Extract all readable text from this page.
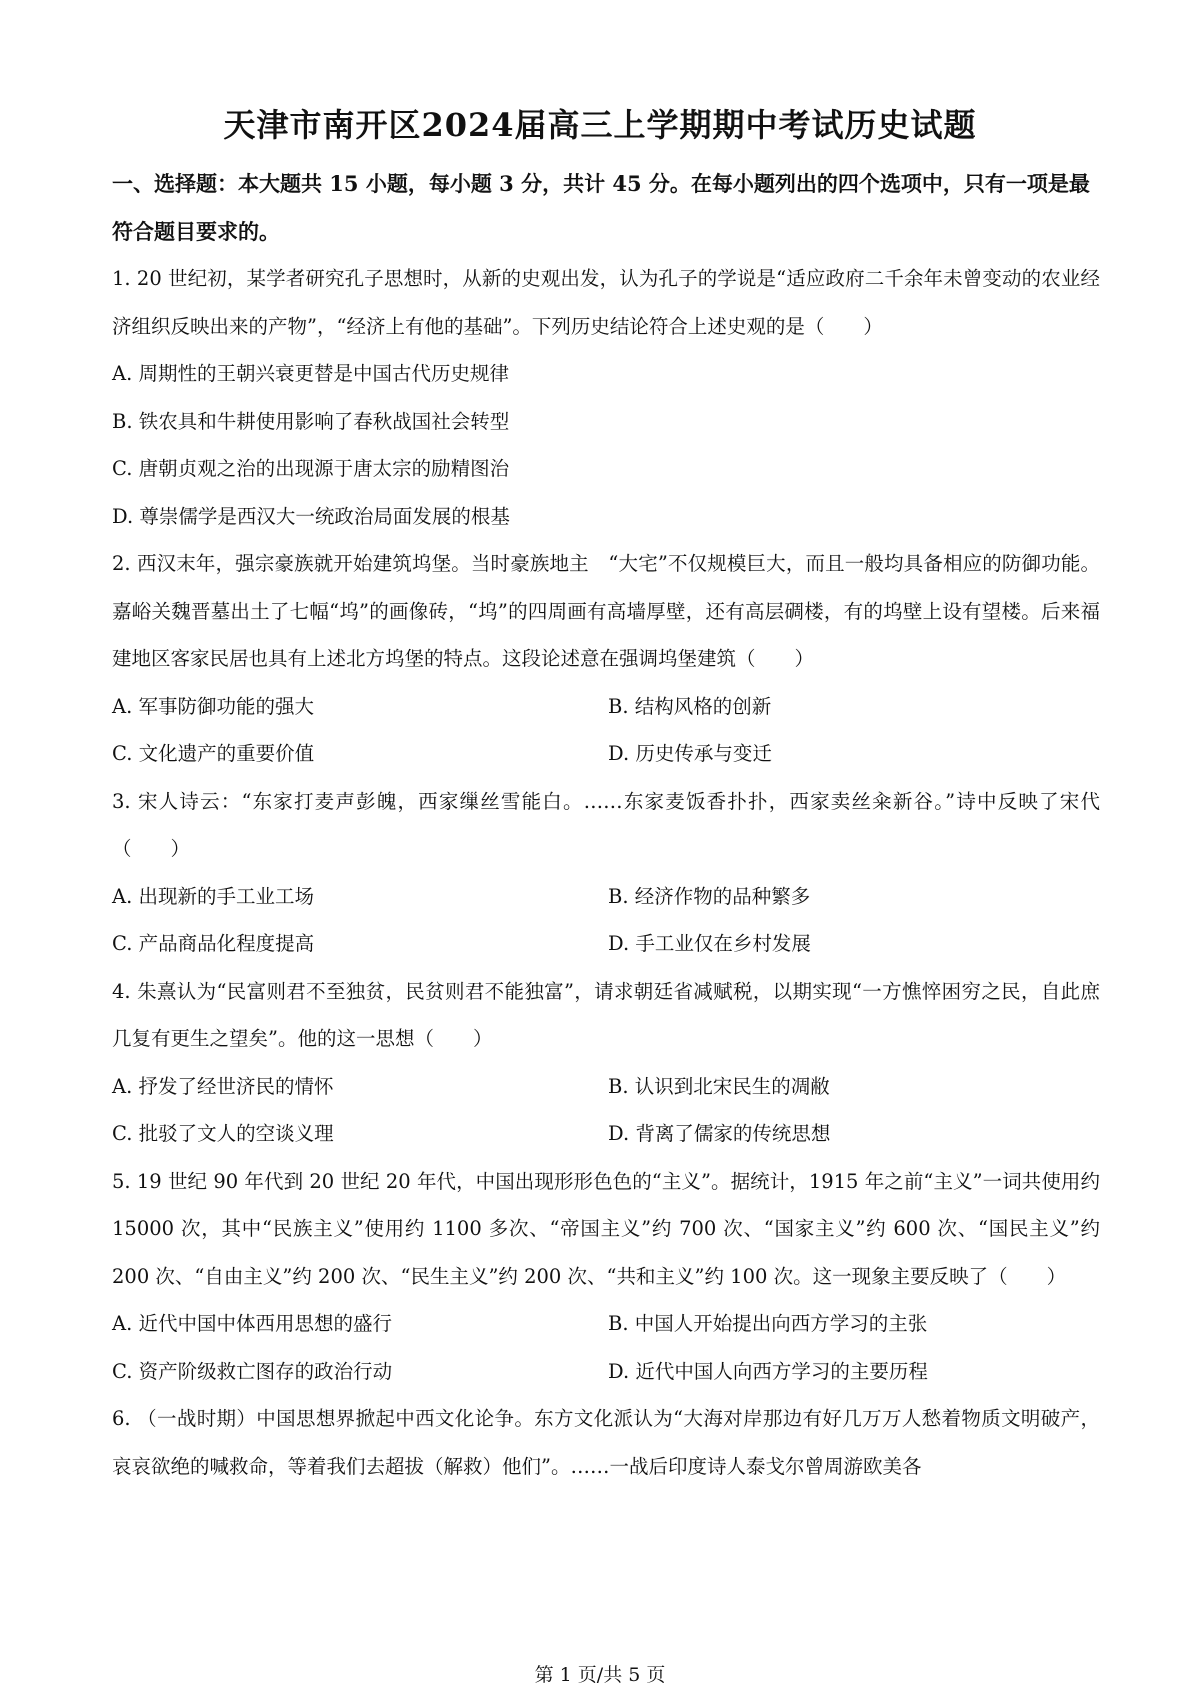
天津市南开区2024届高三上学期期中考试历史试题

一、选择题：本大题共 15 小题，每小题 3 分，共计 45 分。在每小题列出的四个选项中，只有一项是最符合题目要求的。

1. 20 世纪初，某学者研究孔子思想时，从新的史观出发，认为孔子的学说是“适应政府二千余年未曾变动的农业经济组织反映出来的产物”，“经济上有他的基础”。下列历史结论符合上述史观的是（　　）

A. 周期性的王朝兴衰更替是中国古代历史规律
B. 铁农具和牛耕使用影响了春秋战国社会转型
C. 唐朝贞观之治的出现源于唐太宗的励精图治
D. 尊崇儒学是西汉大一统政治局面发展的根基

2. 西汉末年，强宗豪族就开始建筑坞堡。当时豪族地主　“大宅”不仅规模巨大，而且一般均具备相应的防御功能。嘉峪关魏晋墓出土了七幅“坞”的画像砖，“坞”的四周画有高墙厚壁，还有高层碉楼，有的坞壁上设有望楼。后来福建地区客家民居也具有上述北方坞堡的特点。这段论述意在强调坞堡建筑（　　）

A. 军事防御功能的强大	B. 结构风格的创新
C. 文化遗产的重要价值	D. 历史传承与变迁

3. 宋人诗云：“东家打麦声彭魄，西家缫丝雪能白。……东家麦饭香扑扑，西家卖丝籴新谷。”诗中反映了宋代（　　）

A. 出现新的手工业工场	B. 经济作物的品种繁多
C. 产品商品化程度提高	D. 手工业仅在乡村发展

4. 朱熹认为“民富则君不至独贫，民贫则君不能独富”，请求朝廷省减赋税，以期实现“一方憔悴困穷之民，自此庶几复有更生之望矣”。他的这一思想（　　）

A. 抒发了经世济民的情怀	B. 认识到北宋民生的凋敝
C. 批驳了文人的空谈义理	D. 背离了儒家的传统思想

5. 19 世纪 90 年代到 20 世纪 20 年代，中国出现形形色色的“主义”。据统计，1915 年之前“主义”一词共使用约 15000 次，其中“民族主义”使用约 1100 多次、“帝国主义”约 700 次、“国家主义”约 600 次、“国民主义”约 200 次、“自由主义”约 200 次、“民生主义”约 200 次、“共和主义”约 100 次。这一现象主要反映了（　　）

A. 近代中国中体西用思想的盛行	B. 中国人开始提出向西方学习的主张
C. 资产阶级救亡图存的政治行动	D. 近代中国人向西方学习的主要历程

6. （一战时期）中国思想界掀起中西文化论争。东方文化派认为“大海对岸那边有好几万万人愁着物质文明破产，哀哀欲绝的喊救命，等着我们去超拔（解救）他们”。……一战后印度诗人泰戈尔曾周游欧美各

第 1 页/共 5 页
